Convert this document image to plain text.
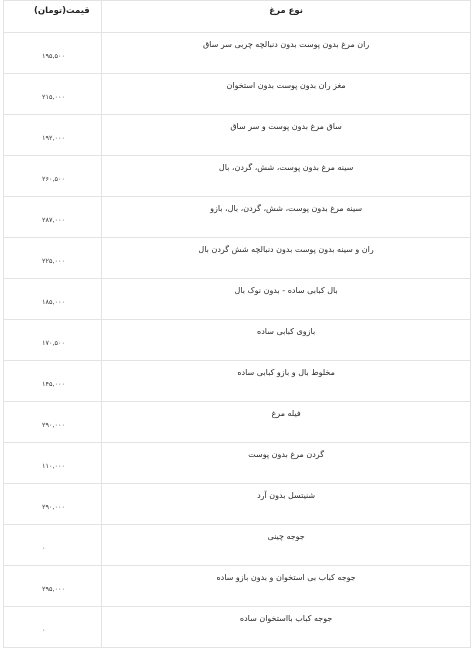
قیمت(تومان)	نوع مرغ
۱۹۵,۵۰۰	ران مرغ بدون پوست بدون دنبالچه چربی سر ساق
۲۱۵,۰۰۰	مغز ران بدون پوست بدون استخوان
۱۹۲,۰۰۰	ساق مرغ بدون پوست و سر ساق
۲۶۰,۵۰۰	سینه مرغ بدون پوست، شش، گردن، بال
۲۸۷,۰۰۰	سینه مرغ بدون پوست، شش، گردن، بال، بازو
۲۲۵,۰۰۰	ران و سینه بدون پوست بدون دنبالچه شش گردن بال
۱۸۵,۰۰۰	بال کبابی ساده - بدون نوک بال
۱۷۰,۵۰۰	بازوی کبابی ساده
۱۴۵,۰۰۰	مخلوط بال و بازو کبابی ساده
۲۹۰,۰۰۰	فیله مرغ
۱۱۰,۰۰۰	گردن مرغ بدون پوست
۲۹۰,۰۰۰	شنیتسل بدون آرد
۰	جوجه چینی
۲۹۵,۰۰۰	جوجه کباب بی استخوان و بدون بازو ساده
۰	جوجه کباب بااستخوان ساده
